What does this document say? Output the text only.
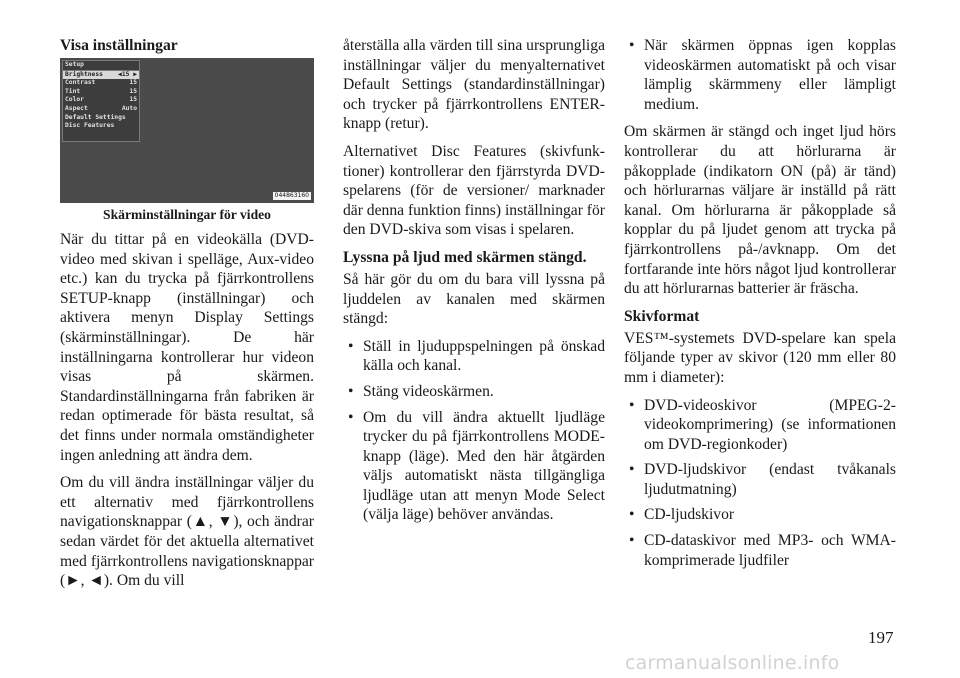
Visa inställningar
Setup
Brightness	◀15 ▶
Contrast	15
Tint	15
Color	15
Aspect	Auto
Default Settings
Disc Features
044863160
Skärminställningar för video

När du tittar på en videokälla (DVD-video med skivan i spelläge, Aux-video etc.) kan du trycka på fjärrkontrollens SETUP-knapp (inställningar) och aktivera menyn Display Settings (skärminställningar). De här inställningarna kontrollerar hur videon visas på skärmen. Standardinställningarna från fabriken är redan optimerade för bästa resultat, så det finns under normala omständigheter ingen anledning att ändra dem.

Om du vill ändra inställningar väljer du ett alternativ med fjärrkontrollens navigationsknappar (▲, ▼), och ändrar sedan värdet för det aktuella alternativet med fjärrkontrollens navigationsknappar (►, ◄). Om du vill

återställa alla värden till sina ursprungliga inställningar väljer du menyalternativet Default Settings (standardinställningar) och trycker på fjärrkontrollens ENTER-knapp (retur).

Alternativet Disc Features (skivfunktioner) kontrollerar den fjärrstyrda DVD-spelarens (för de versioner/ marknader där denna funktion finns) inställningar för den DVD-skiva som visas i spelaren.

Lyssna på ljud med skärmen stängd.

Så här gör du om du bara vill lyssna på ljuddelen av kanalen med skärmen stängd:

• Ställ in ljuduppspelningen på önskad källa och kanal.
• Stäng videoskärmen.
• Om du vill ändra aktuellt ljudläge trycker du på fjärrkontrollens MODE-knapp (läge). Med den här åtgärden väljs automatiskt nästa tillgängliga ljudläge utan att menyn Mode Select (välja läge) behöver användas.
• När skärmen öppnas igen kopplas videoskärmen automatiskt på och visar lämplig skärmmeny eller lämpligt medium.

Om skärmen är stängd och inget ljud hörs kontrollerar du att hörlurarna är påkopplade (indikatorn ON (på) är tänd) och hörlurarnas väljare är inställd på rätt kanal. Om hörlurarna är påkopplade så kopplar du på ljudet genom att trycka på fjärrkontrollens på-/avknapp. Om det fortfarande inte hörs något ljud kontrollerar du att hörlurarnas batterier är fräscha.

Skivformat

VES™-systemets DVD-spelare kan spela följande typer av skivor (120 mm eller 80 mm i diameter):

• DVD-videoskivor (MPEG-2-videokomprimering) (se informationen om DVD-regionkoder)
• DVD-ljudskivor (endast tvåkanals ljudutmatning)
• CD-ljudskivor
• CD-dataskivor med MP3- och WMA-komprimerade ljudfiler
197
carmanualsonline.info
